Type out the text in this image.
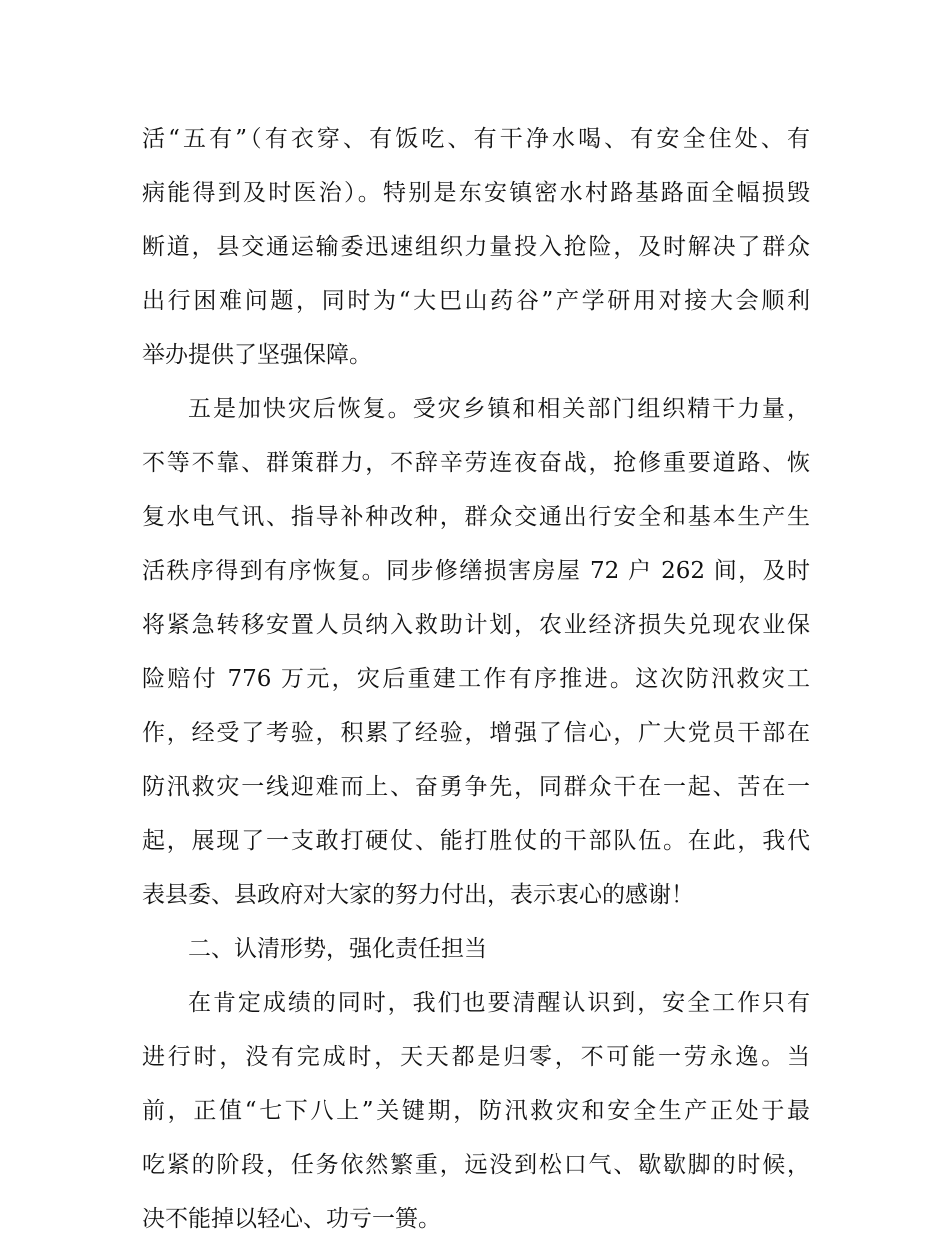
活“五有”（有衣穿、有饭吃、有干净水喝、有安全住处、有
病能得到及时医治）。特别是东安镇密水村路基路面全幅损毁
断道，县交通运输委迅速组织力量投入抢险，及时解决了群众
出行困难问题，同时为“大巴山药谷”产学研用对接大会顺利
举办提供了坚强保障。
五是加快灾后恢复。受灾乡镇和相关部门组织精干力量，
不等不靠、群策群力，不辞辛劳连夜奋战，抢修重要道路、恢
复水电气讯、指导补种改种，群众交通出行安全和基本生产生
活秩序得到有序恢复。同步修缮损害房屋 72 户 262 间，及时
将紧急转移安置人员纳入救助计划，农业经济损失兑现农业保
险赔付 776 万元，灾后重建工作有序推进。这次防汛救灾工
作，经受了考验，积累了经验，增强了信心，广大党员干部在
防汛救灾一线迎难而上、奋勇争先，同群众干在一起、苦在一
起，展现了一支敢打硬仗、能打胜仗的干部队伍。在此，我代
表县委、县政府对大家的努力付出，表示衷心的感谢！
二、认清形势，强化责任担当
在肯定成绩的同时，我们也要清醒认识到，安全工作只有
进行时，没有完成时，天天都是归零，不可能一劳永逸。当
前，正值“七下八上”关键期，防汛救灾和安全生产正处于最
吃紧的阶段，任务依然繁重，远没到松口气、歇歇脚的时候，
决不能掉以轻心、功亏一篑。
